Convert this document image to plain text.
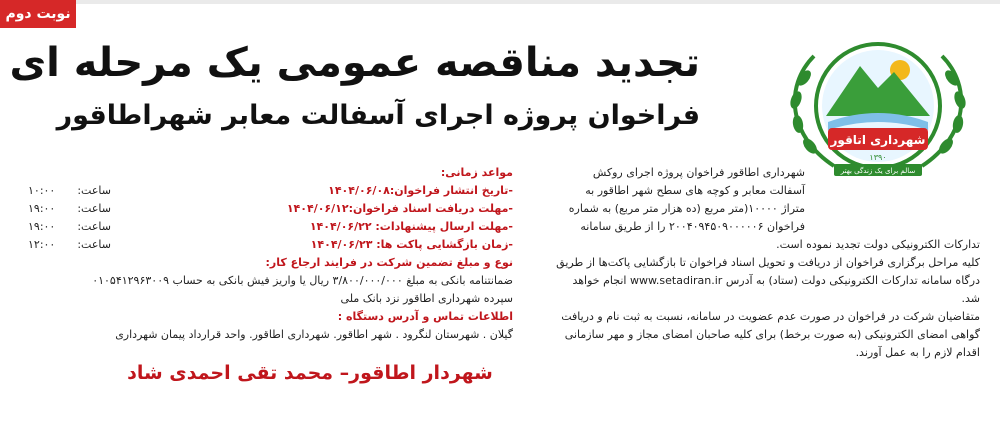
نوبت دوم
تجدید مناقصه عمومی یک مرحله ای
فراخوان پروژه اجرای آسفالت معابر شهراطاقور
شهرداری اتاقور
۱۳۹۰
سالم برای یک زندگی بهتر
شهرداری اطاقور فراخوان پروژه اجرای روکش
آسفالت معابر و کوچه های سطح شهر اطاقور به
متراژ ۱۰۰۰۰(متر مربع (ده هزار متر مربع) به شماره
فراخوان ۲۰۰۴۰۹۴۵۰۹۰۰۰۰۰۶ را از طریق سامانه
تدارکات الکترونیکی دولت تجدید نموده است.
کلیه مراحل برگزاری فراخوان از دریافت و تحویل اسناد فراخوان تا بازگشایی پاکت‌ها از طریق
درگاه سامانه تدارکات الکترونیکی دولت (ستاد) به آدرس www.setadiran.ir انجام خواهد
شد.
متقاضیان شرکت در فراخوان در صورت عدم عضویت در سامانه، نسبت به ثبت نام و دریافت
گواهی امضای الکترونیکی (به صورت برخط) برای کلیه صاحبان امضای مجاز و مهر سازمانی
اقدام لازم را به عمل آورند.
مواعد زمانی:
-تاریخ انتشار فراخوان:۱۴۰۴/۰۶/۰۸
ساعت:
۱۰:۰۰
-مهلت دریافت اسناد فراخوان:۱۴۰۴/۰۶/۱۲
ساعت:
۱۹:۰۰
-مهلت ارسال پیشنهادات: ۱۴۰۴/۰۶/۲۲
ساعت:
۱۹:۰۰
-زمان بازگشایی پاکت ها: ۱۴۰۴/۰۶/۲۳
ساعت:
۱۲:۰۰
نوع و مبلغ تضمین شرکت در فرایند ارجاع کار:
ضمانتنامه بانکی به مبلغ ۳/۸۰۰/۰۰۰/۰۰۰ ریال یا واریز فیش بانکی به حساب ۰۱۰۵۴۱۲۹۶۳۰۰۹
سپرده شهرداری اطاقور نزد بانک ملی
اطلاعات تماس و آدرس دستگاه :
گیلان . شهرستان لنگرود . شهر اطاقور. شهرداری اطاقور. واحد قرارداد پیمان شهرداری
شهردار اطاقور– محمد تقی احمدی شاد
